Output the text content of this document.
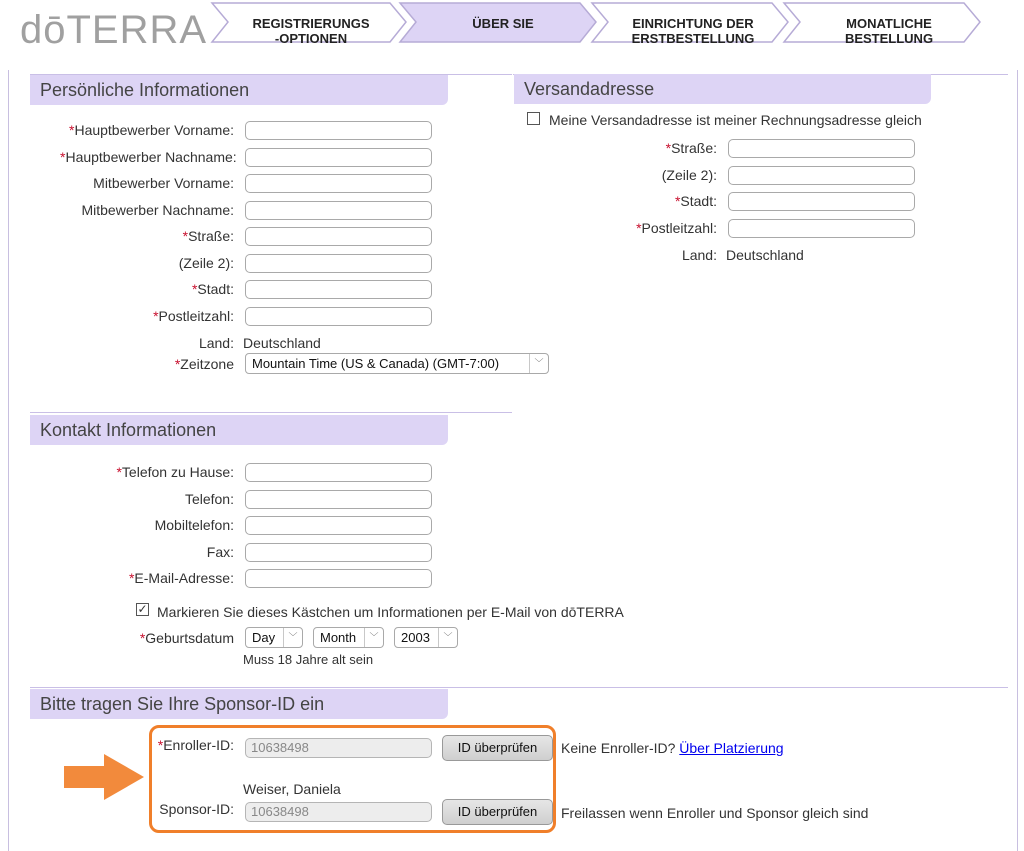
dōTERRA	REGISTRIERUNGS
-OPTIONEN
ÜBER SIE	EINRICHTUNG DER
ERSTBESTELLUNG
MONATLICHE
BESTELLUNG
Persönliche Informationen
*Hauptbewerber Vorname:
*Hauptbewerber Nachname:
Mitbewerber Vorname:
Mitbewerber Nachname:
*Straße:
(Zeile 2):
*Stadt:
*Postleitzahl:
Land: Deutschland
*Zeitzone	Mountain Time (US & Canada) (GMT-7:00)	﹀
Versandadresse
Meine Versandadresse ist meiner Rechnungsadresse gleich
*Straße:
(Zeile 2):
*Stadt:
*Postleitzahl:
Land: Deutschland
Kontakt Informationen
*Telefon zu Hause:
Telefon:
Mobiltelefon:
Fax:
*E-Mail-Adresse:
✓ Markieren Sie dieses Kästchen um Informationen per E-Mail von dōTERRA
*Geburtsdatum	Day	﹀	Month	﹀	2003	﹀
Muss 18 Jahre alt sein
Bitte tragen Sie Ihre Sponsor-ID ein
*Enroller-ID:	10638498	ID überprüfen	Keine Enroller-ID? Über Platzierung
Weiser, Daniela
Sponsor-ID:	10638498	ID überprüfen	Freilassen wenn Enroller und Sponsor gleich sind
